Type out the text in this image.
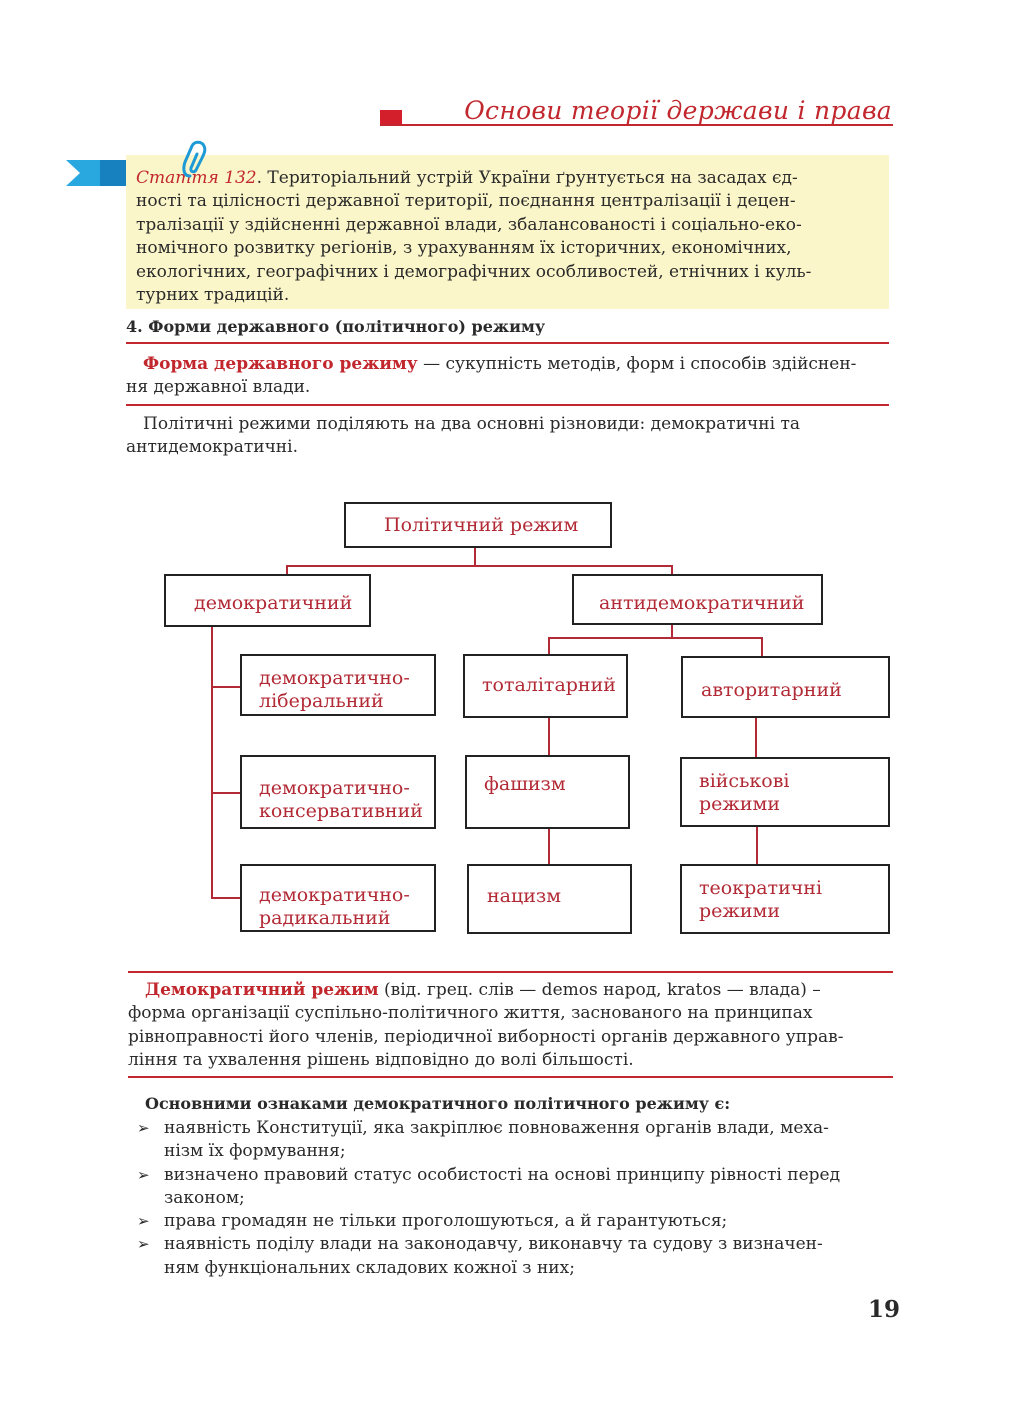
Основи теорії держави і права

Стаття 132. Територіальний устрій України ґрунтується на засадах єд-
ності та цілісності державної території, поєднання централізації і децен-
тралізації у здійсненні державної влади, збалансованості і соціально-еко-
номічного розвитку регіонів, з урахуванням їх історичних, економічних,
екологічних, географічних і демографічних особливостей, етнічних і куль-
турних традицій.

4. Форми державного (політичного) режиму

Форма державного режиму — сукупність методів, форм і способів здійснен-
ня державної влади.

Політичні режими поділяють на два основні різновиди: демократичні та
антидемократичні.

Політичний режим
демократичний	антидемократичний
демократично-
ліберальний
демократично-
консервативний
демократично-
радикальний
тоталітарний	авторитарний
фашизм	військові
режими
нацизм	теократичні
режими

Демократичний режим (від. грец. слів — demos народ, kratos — влада) –
форма організації суспільно-політичного життя, заснованого на принципах
рівноправності його членів, періодичної виборності органів державного управ-
ління та ухвалення рішень відповідно до волі більшості.

Основними ознаками демократичного політичного режиму є:
➢ наявність Конституції, яка закріплює повноваження органів влади, меха-
нізм їх формування;
➢ визначено правовий статус особистості на основі принципу рівності перед
законом;
➢ права громадян не тільки проголошуються, а й гарантуються;
➢ наявність поділу влади на законодавчу, виконавчу та судову з визначен-
ням функціональних складових кожної з них;
19
